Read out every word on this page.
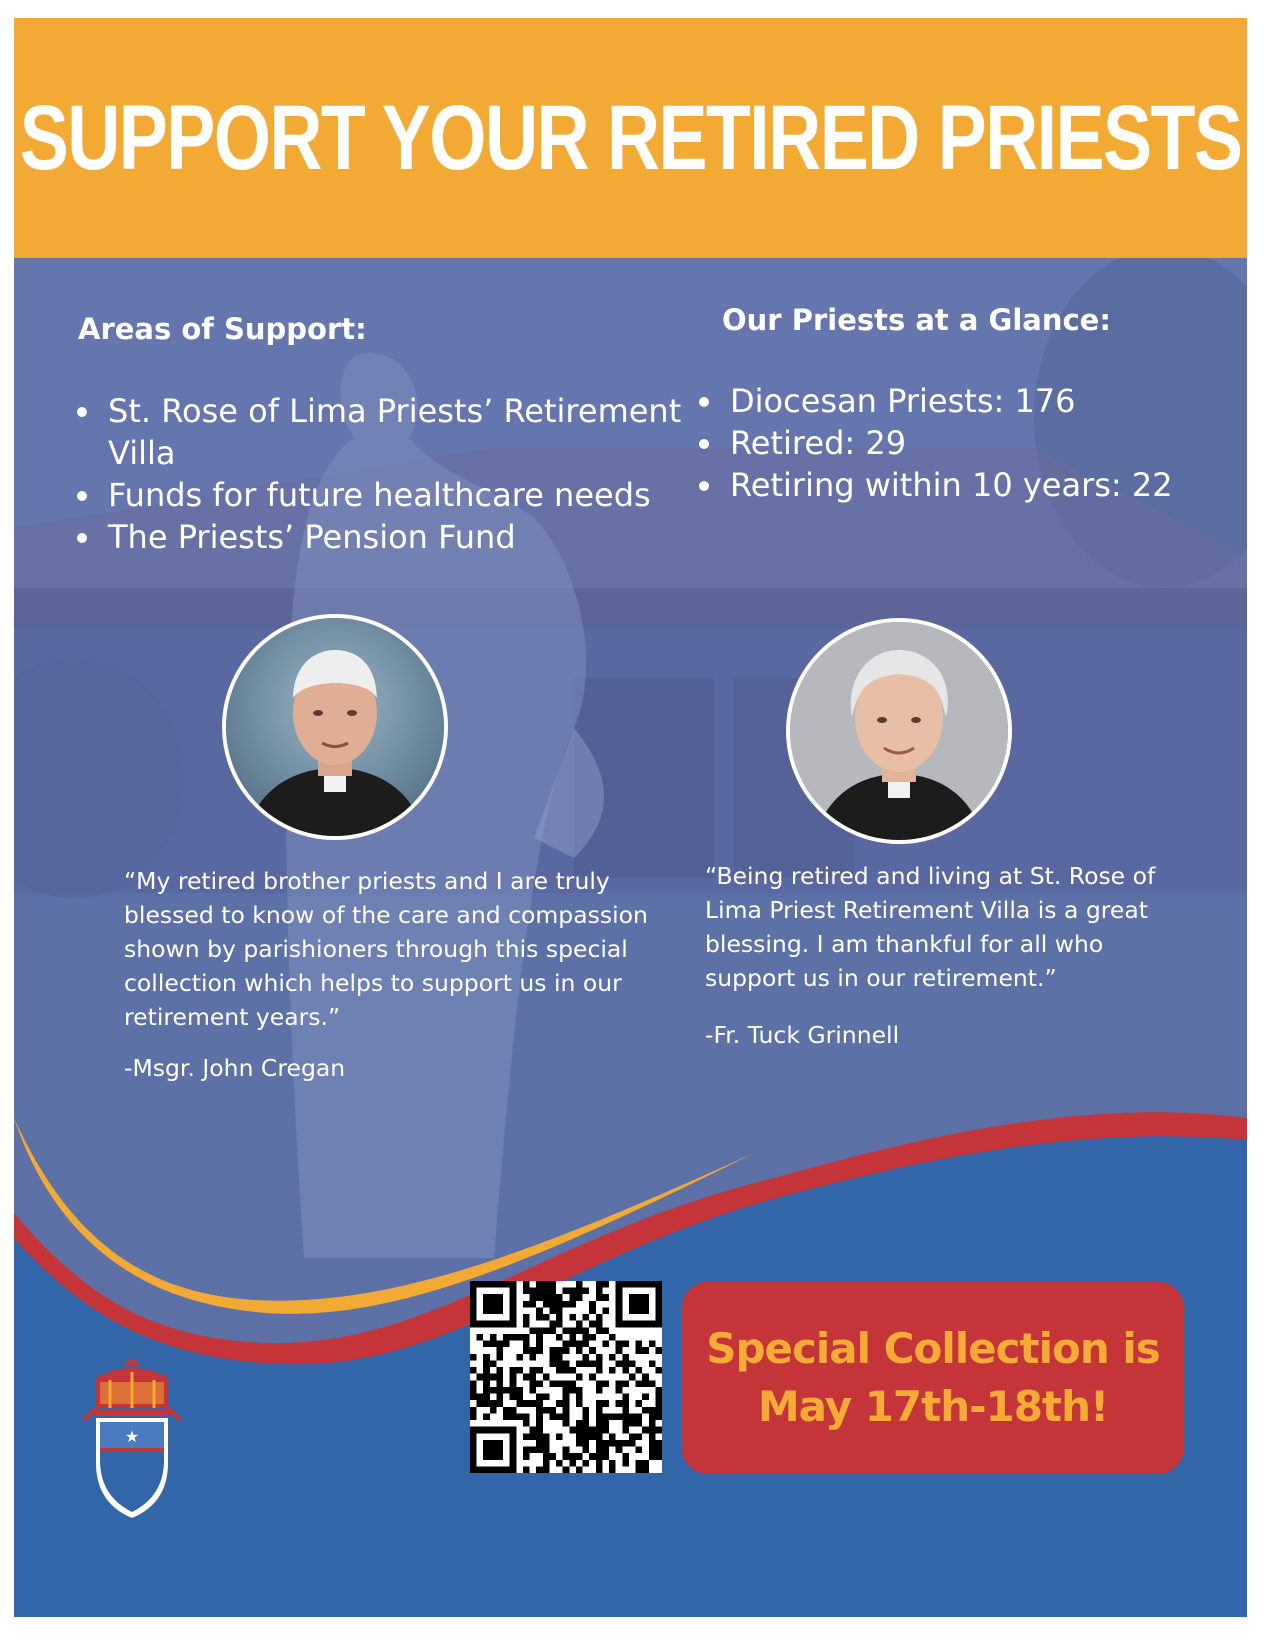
SUPPORT YOUR RETIRED PRIESTS
Areas of Support:
• St. Rose of Lima Priests’ Retirement Villa
• Funds for future healthcare needs
• The Priests’ Pension Fund
Our Priests at a Glance:
• Diocesan Priests: 176
• Retired: 29
• Retiring within 10 years: 22

“My retired brother priests and I are truly blessed to know of the care and compassion shown by parishioners through this special collection which helps to support us in our retirement years.”

-Msgr. John Cregan

“Being retired and living at St. Rose of Lima Priest Retirement Villa is a great blessing. I am thankful for all who support us in our retirement.”

-Fr. Tuck Grinnell

Special Collection is
May 17th-18th!
★
